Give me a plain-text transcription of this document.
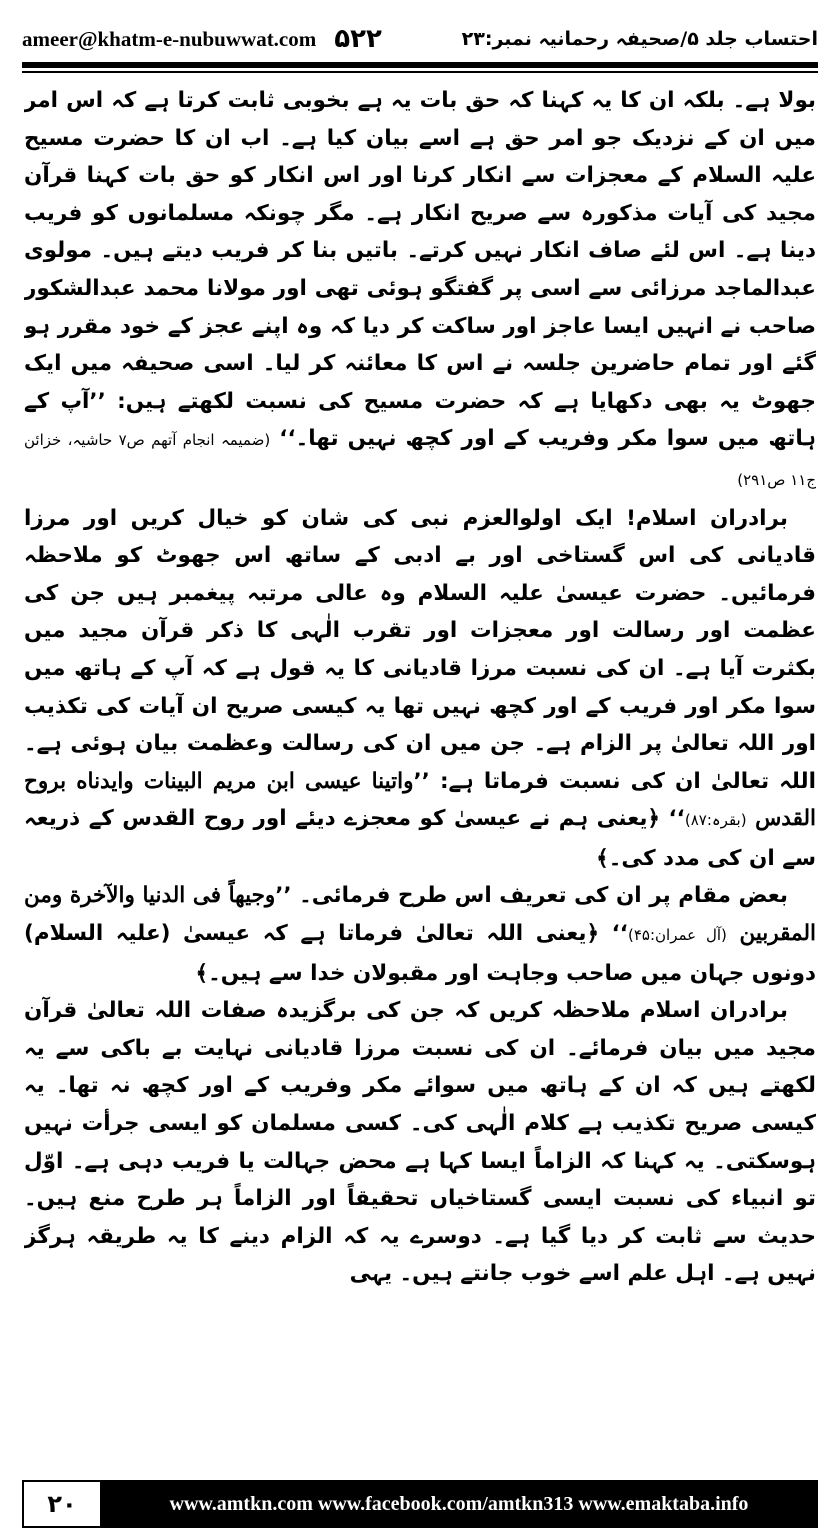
ameer@khatm-e-nubuwwat.com ۵۲۲	احتساب جلد ۵/صحیفہ رحمانیہ نمبر:۲۳

بولا ہے۔ بلکہ ان کا یہ کہنا کہ حق بات یہ ہے بخوبی ثابت کرتا ہے کہ اس امر میں ان کے نزدیک جو امر حق ہے اسے بیان کیا ہے۔ اب ان کا حضرت مسیح علیہ السلام کے معجزات سے انکار کرنا اور اس انکار کو حق بات کہنا قرآن مجید کی آیات مذکورہ سے صریح انکار ہے۔ مگر چونکہ مسلمانوں کو فریب دینا ہے۔ اس لئے صاف انکار نہیں کرتے۔ باتیں بنا کر فریب دیتے ہیں۔ مولوی عبدالماجد مرزائی سے اسی پر گفتگو ہوئی تھی اور مولانا محمد عبدالشکور صاحب نے انہیں ایسا عاجز اور ساکت کر دیا کہ وہ اپنے عجز کے خود مقرر ہو گئے اور تمام حاضرین جلسہ نے اس کا معائنہ کر لیا۔ اسی صحیفہ میں ایک جھوٹ یہ بھی دکھایا ہے کہ حضرت مسیح کی نسبت لکھتے ہیں: ’’آپ کے ہاتھ میں سوا مکر وفریب کے اور کچھ نہیں تھا۔‘‘ (ضمیمہ انجام آتھم ص۷ حاشیہ، خزائن ج۱۱ ص۲۹۱)

برادران اسلام! ایک اولوالعزم نبی کی شان کو خیال کریں اور مرزا قادیانی کی اس گستاخی اور بے ادبی کے ساتھ اس جھوٹ کو ملاحظہ فرمائیں۔ حضرت عیسیٰ علیہ السلام وہ عالی مرتبہ پیغمبر ہیں جن کی عظمت اور رسالت اور معجزات اور تقرب الٰہی کا ذکر قرآن مجید میں بکثرت آیا ہے۔ ان کی نسبت مرزا قادیانی کا یہ قول ہے کہ آپ کے ہاتھ میں سوا مکر اور فریب کے اور کچھ نہیں تھا یہ کیسی صریح ان آیات کی تکذیب اور اللہ تعالیٰ پر الزام ہے۔ جن میں ان کی رسالت وعظمت بیان ہوئی ہے۔ اللہ تعالیٰ ان کی نسبت فرماتا ہے: ’’واتینا عیسی ابن مریم البینات وایدناه بروح القدس (بقرہ:۸۷)‘‘ ﴿یعنی ہم نے عیسیٰ کو معجزے دیئے اور روح القدس کے ذریعہ سے ان کی مدد کی۔﴾

بعض مقام پر ان کی تعریف اس طرح فرمائی۔ ’’وجیهاً فی الدنیا والآخرة ومن المقربین (آل عمران:۴۵)‘‘ ﴿یعنی اللہ تعالیٰ فرماتا ہے کہ عیسیٰ (علیہ السلام) دونوں جہان میں صاحب وجاہت اور مقبولان خدا سے ہیں۔﴾

برادران اسلام ملاحظہ کریں کہ جن کی برگزیدہ صفات اللہ تعالیٰ قرآن مجید میں بیان فرمائے۔ ان کی نسبت مرزا قادیانی نہایت بے باکی سے یہ لکھتے ہیں کہ ان کے ہاتھ میں سوائے مکر وفریب کے اور کچھ نہ تھا۔ یہ کیسی صریح تکذیب ہے کلام الٰہی کی۔ کسی مسلمان کو ایسی جرأت نہیں ہوسکتی۔ یہ کہنا کہ الزاماً ایسا کہا ہے محض جہالت یا فریب دہی ہے۔ اوّل تو انبیاء کی نسبت ایسی گستاخیاں تحقیقاً اور الزاماً ہر طرح منع ہیں۔ حدیث سے ثابت کر دیا گیا ہے۔ دوسرے یہ کہ الزام دینے کا یہ طریقہ ہرگز نہیں ہے۔ اہل علم اسے خوب جانتے ہیں۔ یہی

۲۰	www.amtkn.com www.facebook.com/amtkn313 www.emaktaba.info
